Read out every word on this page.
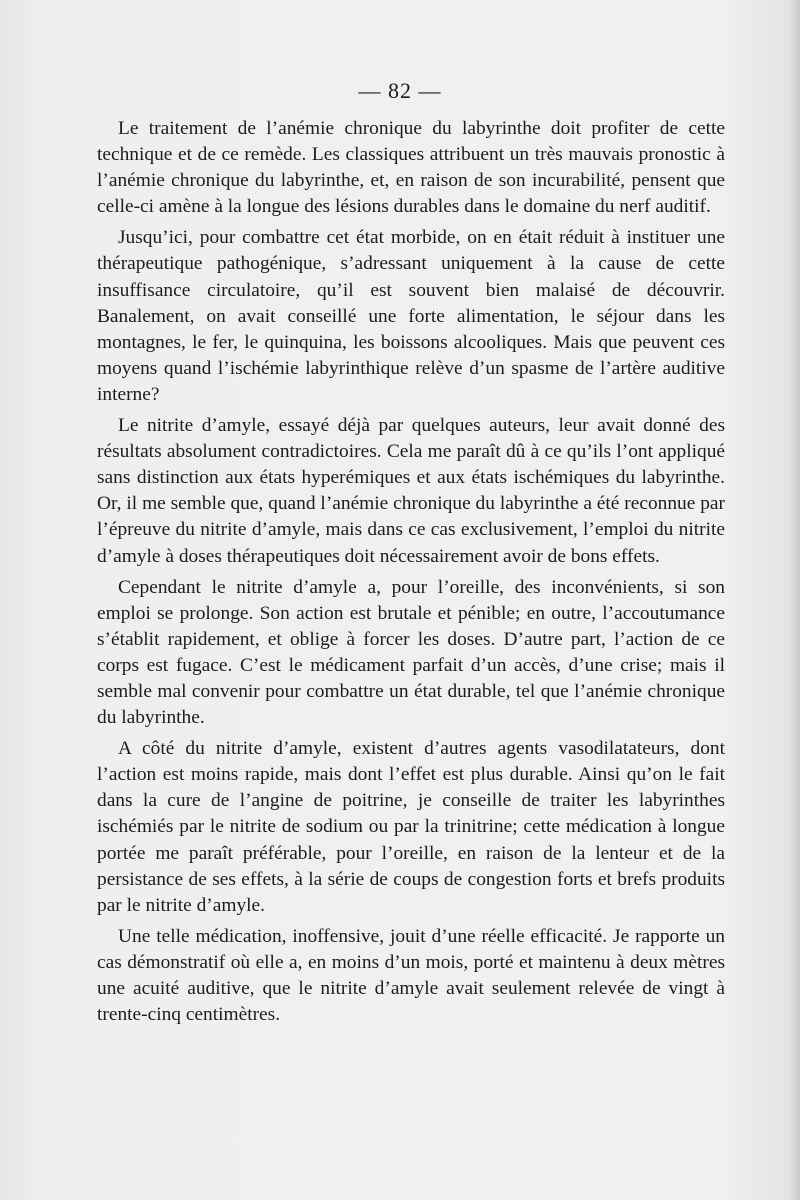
— 82 —

Le traitement de l’anémie chronique du labyrinthe doit profiter de cette technique et de ce remède. Les classiques attribuent un très mauvais pronostic à l’anémie chronique du labyrinthe, et, en raison de son incurabilité, pensent que celle-ci amène à la longue des lésions durables dans le domaine du nerf auditif.

Jusqu’ici, pour combattre cet état morbide, on en était réduit à instituer une thérapeutique pathogénique, s’adressant uniquement à la cause de cette insuffisance circulatoire, qu’il est souvent bien malaisé de découvrir. Banalement, on avait conseillé une forte alimentation, le séjour dans les montagnes, le fer, le quinquina, les boissons alcooliques. Mais que peuvent ces moyens quand l’ischémie labyrinthique relève d’un spasme de l’artère auditive interne?

Le nitrite d’amyle, essayé déjà par quelques auteurs, leur avait donné des résultats absolument contradictoires. Cela me paraît dû à ce qu’ils l’ont appliqué sans distinction aux états hyperémiques et aux états ischémiques du labyrinthe. Or, il me semble que, quand l’anémie chronique du labyrinthe a été reconnue par l’épreuve du nitrite d’amyle, mais dans ce cas exclusivement, l’emploi du nitrite d’amyle à doses thérapeutiques doit nécessairement avoir de bons effets.

Cependant le nitrite d’amyle a, pour l’oreille, des inconvénients, si son emploi se prolonge. Son action est brutale et pénible; en outre, l’accoutumance s’établit rapidement, et oblige à forcer les doses. D’autre part, l’action de ce corps est fugace. C’est le médicament parfait d’un accès, d’une crise; mais il semble mal convenir pour combattre un état durable, tel que l’anémie chronique du labyrinthe.

A côté du nitrite d’amyle, existent d’autres agents vasodilatateurs, dont l’action est moins rapide, mais dont l’effet est plus durable. Ainsi qu’on le fait dans la cure de l’angine de poitrine, je conseille de traiter les labyrinthes ischémiés par le nitrite de sodium ou par la trinitrine; cette médication à longue portée me paraît préférable, pour l’oreille, en raison de la lenteur et de la persistance de ses effets, à la série de coups de congestion forts et brefs produits par le nitrite d’amyle.

Une telle médication, inoffensive, jouit d’une réelle efficacité. Je rapporte un cas démonstratif où elle a, en moins d’un mois, porté et maintenu à deux mètres une acuité auditive, que le nitrite d’amyle avait seulement relevée de vingt à trente-cinq centimètres.
